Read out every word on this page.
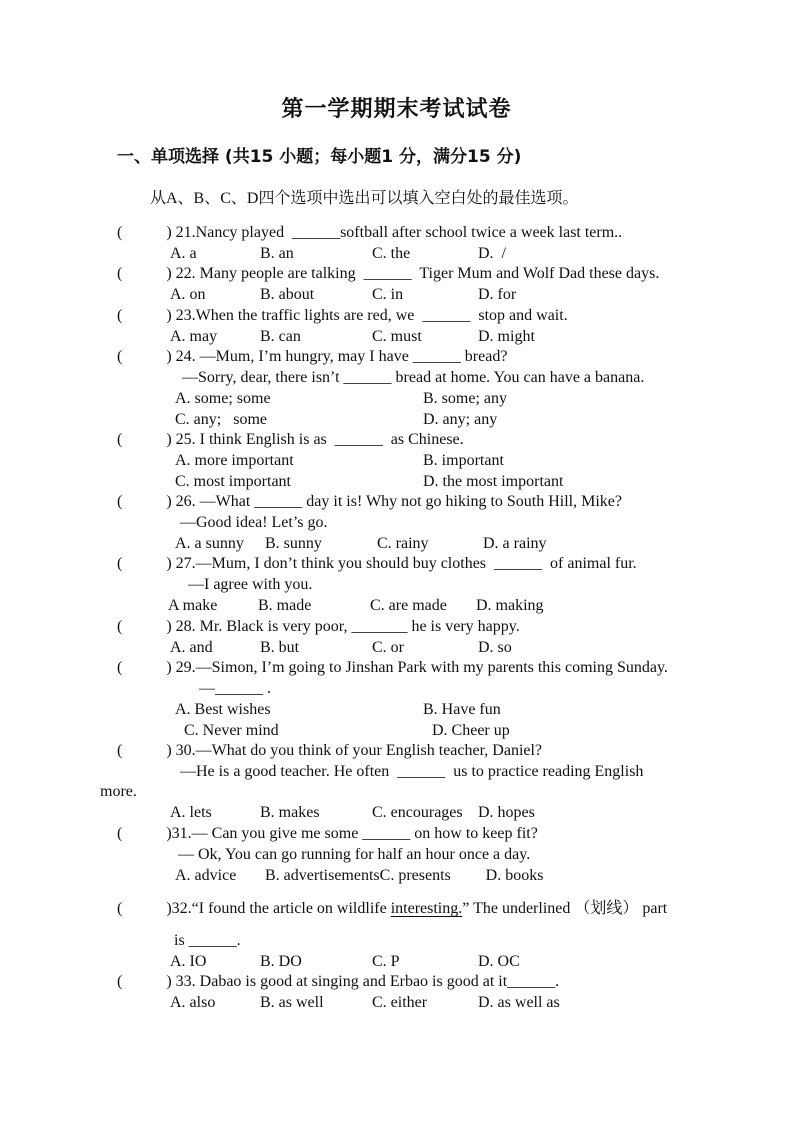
第一学期期末考试试卷
一、单项选择 (共15 小题；每小题1 分，满分15 分)
从A、B、C、D四个选项中选出可以填入空白处的最佳选项。
(	) 21.Nancy played  ______softball after school twice a week last term..
A. a	B. an	C. the	D.  /
(	) 22. Many people are talking  ______  Tiger Mum and Wolf Dad these days.
A. on	B. about	C. in	D. for
(	) 23.When the traffic lights are red, we  ______  stop and wait.
A. may	B. can	C. must	D. might
(	) 24. —Mum, I’m hungry, may I have ______ bread?
—Sorry, dear, there isn’t ______ bread at home. You can have a banana.
A. some; some	B. some; any
C. any;   some	D. any; any
(	) 25. I think English is as  ______  as Chinese.
A. more important	B. important
C. most important	D. the most important
(	) 26. —What ______ day it is! Why not go hiking to South Hill, Mike?
—Good idea! Let’s go.
A. a sunny B. sunny	C. rainy	D. a rainy
(	) 27.—Mum, I don’t think you should buy clothes  ______  of animal fur.
—I agree with you.
A make	B. made	C. are made D. making
(	) 28. Mr. Black is very poor, _______ he is very happy.
A. and	B. but	C. or	D. so
(	) 29.—Simon, I’m going to Jinshan Park with my parents this coming Sunday.
—______ .
A. Best wishes	B. Have fun
C. Never mind	D. Cheer up
(	) 30.—What do you think of your English teacher, Daniel?
—He is a good teacher. He often  ______  us to practice reading English
more.
A. lets	B. makes	C. encourages D. hopes
(	)31.— Can you give me some ______ on how to keep fit?
— Ok, You can go running for half an hour once a day.
A. advice B. advertisementsC. presents D. books
(	)32.“I found the article on wildlife interesting.” The underlined （划线） part
is ______.
A. IO	B. DO	C. P	D. OC
(	) 33. Dabao is good at singing and Erbao is good at it______.
A. also	B. as well	C. either	D. as well as
